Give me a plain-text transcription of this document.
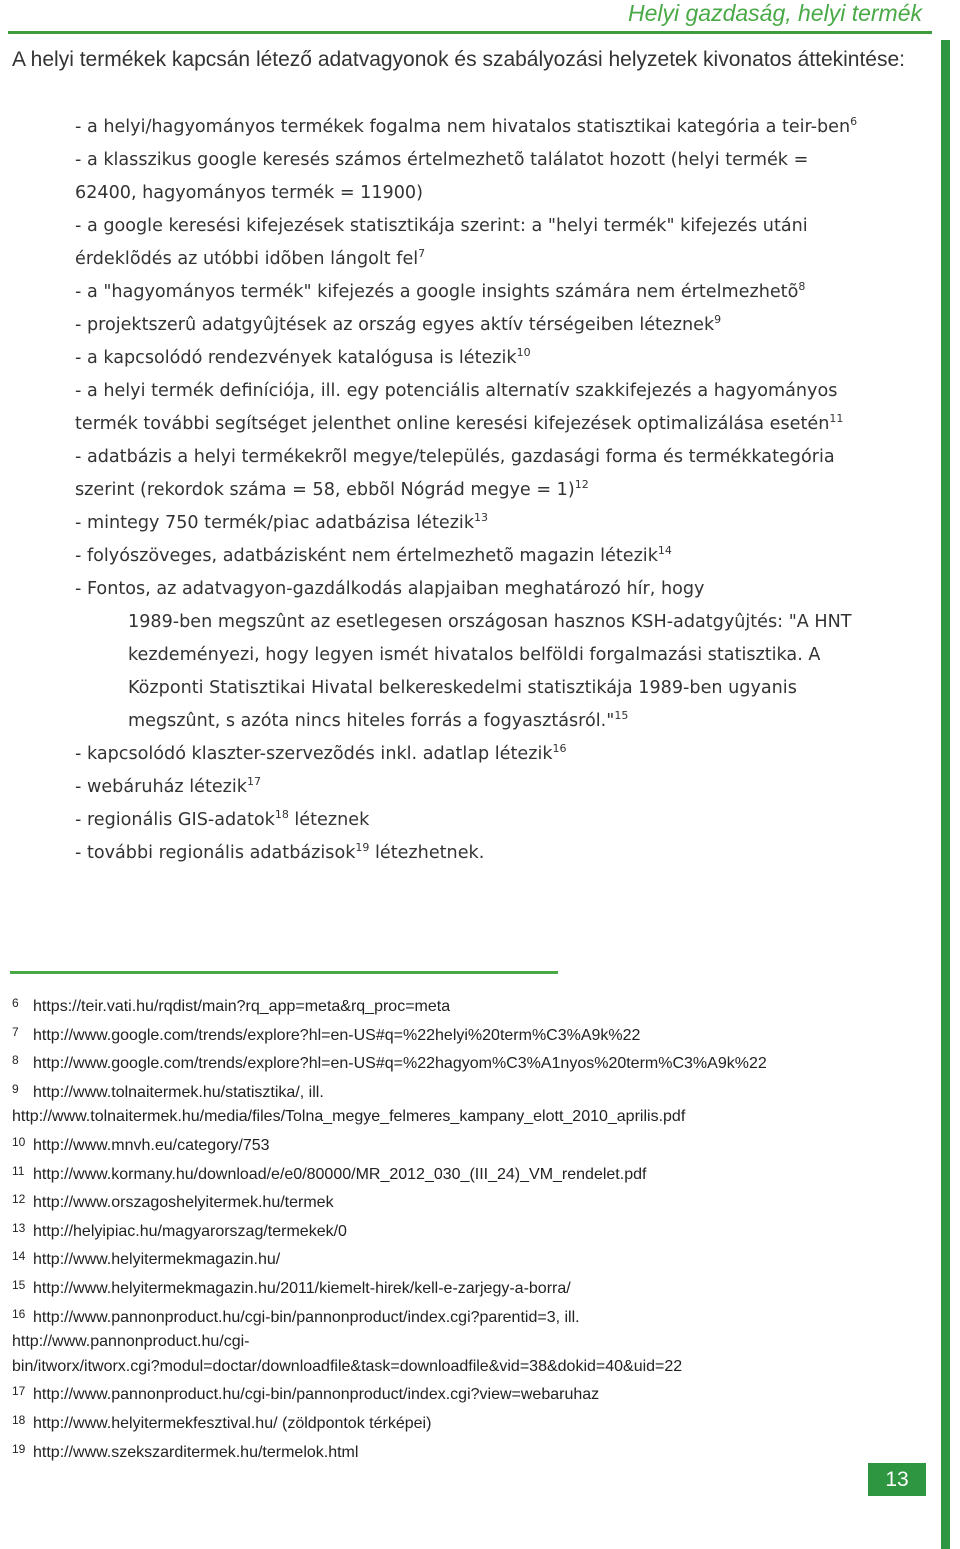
Helyi gazdaság, helyi termék
A helyi termékek kapcsán létező adatvagyonok és szabályozási helyzetek kivonatos áttekintése:
- a helyi/hagyományos termékek fogalma nem hivatalos statisztikai kategória a teir-ben$^6$
- a klasszikus google keresés számos értelmezhetõ találatot hozott (helyi termék = 62400, hagyományos termék = 11900)
- a google keresési kifejezések statisztikája szerint: a "helyi termék" kifejezés utáni érdeklõdés az utóbbi idõben lángolt fel$^7$
- a "hagyományos termék" kifejezés a google insights számára nem értelmezhetõ$^8$
- projektszerû adatgyûjtések az ország egyes aktív térségeiben léteznek$^9$
- a kapcsolódó rendezvények katalógusa is létezik$^{10}$
- a helyi termék definíciója, ill. egy potenciális alternatív szakkifejezés a hagyományos termék további segítséget jelenthet online keresési kifejezések optimalizálása esetén$^{11}$
- adatbázis a helyi termékekrõl megye/település, gazdasági forma és termékkategória szerint (rekordok száma = 58, ebbõl Nógrád megye = 1)$^{12}$
- mintegy 750 termék/piac adatbázisa létezik$^{13}$
- folyószöveges, adatbázisként nem értelmezhetõ magazin létezik$^{14}$
- Fontos, az adatvagyon-gazdálkodás alapjaiban meghatározó hír, hogy
1989-ben megszûnt az esetlegesen országosan hasznos KSH-adatgyûjtés: "A HNT kezdeményezi, hogy legyen ismét hivatalos belföldi forgalmazási statisztika. A Központi Statisztikai Hivatal belkereskedelmi statisztikája 1989-ben ugyanis megszûnt, s azóta nincs hiteles forrás a fogyasztásról."$^{15}$
- kapcsolódó klaszter-szervezõdés inkl. adatlap létezik$^{16}$
- webáruház létezik$^{17}$
- regionális GIS-adatok$^{18}$ léteznek
- további regionális adatbázisok$^{19}$ létezhetnek.
6 https://teir.vati.hu/rqdist/main?rq_app=meta&rq_proc=meta
7 http://www.google.com/trends/explore?hl=en-US#q=%22helyi%20term%C3%A9k%22
8 http://www.google.com/trends/explore?hl=en-US#q=%22hagyom%C3%A1nyos%20term%C3%A9k%22
9 http://www.tolnaitermek.hu/statisztika/, ill.
http://www.tolnaitermek.hu/media/files/Tolna_megye_felmeres_kampany_elott_2010_aprilis.pdf
10 http://www.mnvh.eu/category/753
11 http://www.kormany.hu/download/e/e0/80000/MR_2012_030_(III_24)_VM_rendelet.pdf
12 http://www.orszagoshelyitermek.hu/termek
13 http://helyipiac.hu/magyarorszag/termekek/0
14 http://www.helyitermekmagazin.hu/
15 http://www.helyitermekmagazin.hu/2011/kiemelt-hirek/kell-e-zarjegy-a-borra/
16 http://www.pannonproduct.hu/cgi-bin/pannonproduct/index.cgi?parentid=3, ill.
http://www.pannonproduct.hu/cgi-
bin/itworx/itworx.cgi?modul=doctar/downloadfile&task=downloadfile&vid=38&dokid=40&uid=22
17 http://www.pannonproduct.hu/cgi-bin/pannonproduct/index.cgi?view=webaruhaz
18 http://www.helyitermekfesztival.hu/ (zöldpontok térképei)
19 http://www.szekszarditermek.hu/termelok.html
13
